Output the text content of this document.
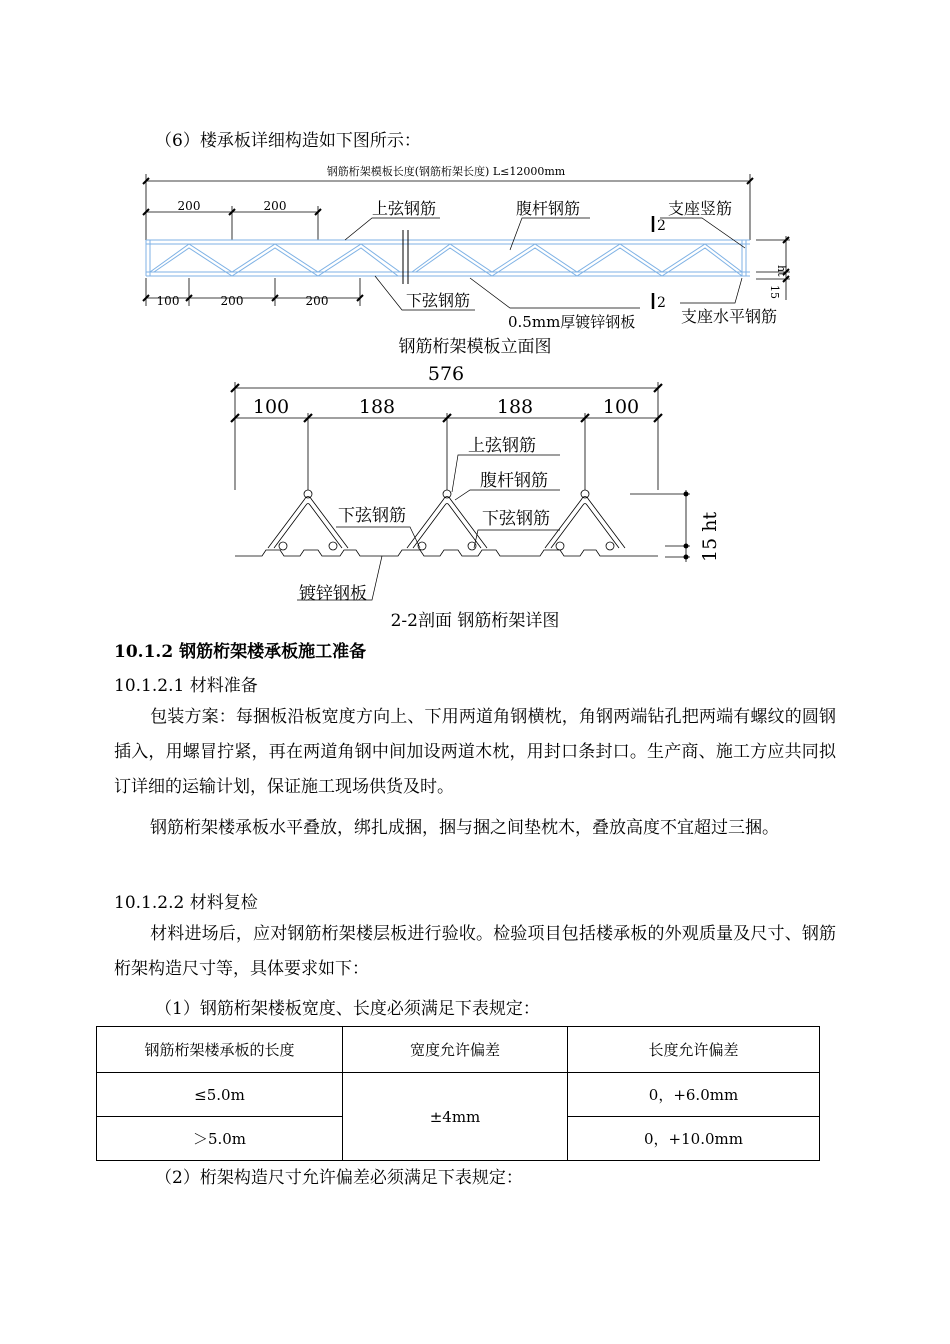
（6）楼承板详细构造如下图所示：
钢筋桁架模板长度(钢筋桁架长度) L≤12000mm
200	200
100	200	200
上弦钢筋	腹杆钢筋	支座竖筋
下弦钢筋
0.5mm厚镀锌钢板	支座水平钢筋
2
2
ht
15
钢筋桁架模板立面图
576
100	188	188	100
上弦钢筋
腹杆钢筋
下弦钢筋	下弦钢筋
镀锌钢板
15 ht
2-2剖面 钢筋桁架详图
10.1.2 钢筋桁架楼承板施工准备
10.1.2.1 材料准备
包装方案：每捆板沿板宽度方向上、下用两道角钢横枕，角钢两端钻孔把两端有螺纹的圆钢插入，用螺冒拧紧，再在两道角钢中间加设两道木枕，用封口条封口。生产商、施工方应共同拟订详细的运输计划，保证施工现场供货及时。
钢筋桁架楼承板水平叠放，绑扎成捆，捆与捆之间垫枕木，叠放高度不宜超过三捆。
10.1.2.2 材料复检
材料进场后，应对钢筋桁架楼层板进行验收。检验项目包括楼承板的外观质量及尺寸、钢筋桁架构造尺寸等，具体要求如下：
（1）钢筋桁架楼板宽度、长度必须满足下表规定：
钢筋桁架楼承板的长度	宽度允许偏差	长度允许偏差
≤5.0m	±4mm	0，+6.0mm
＞5.0m		0，+10.0mm
（2）桁架构造尺寸允许偏差必须满足下表规定：
